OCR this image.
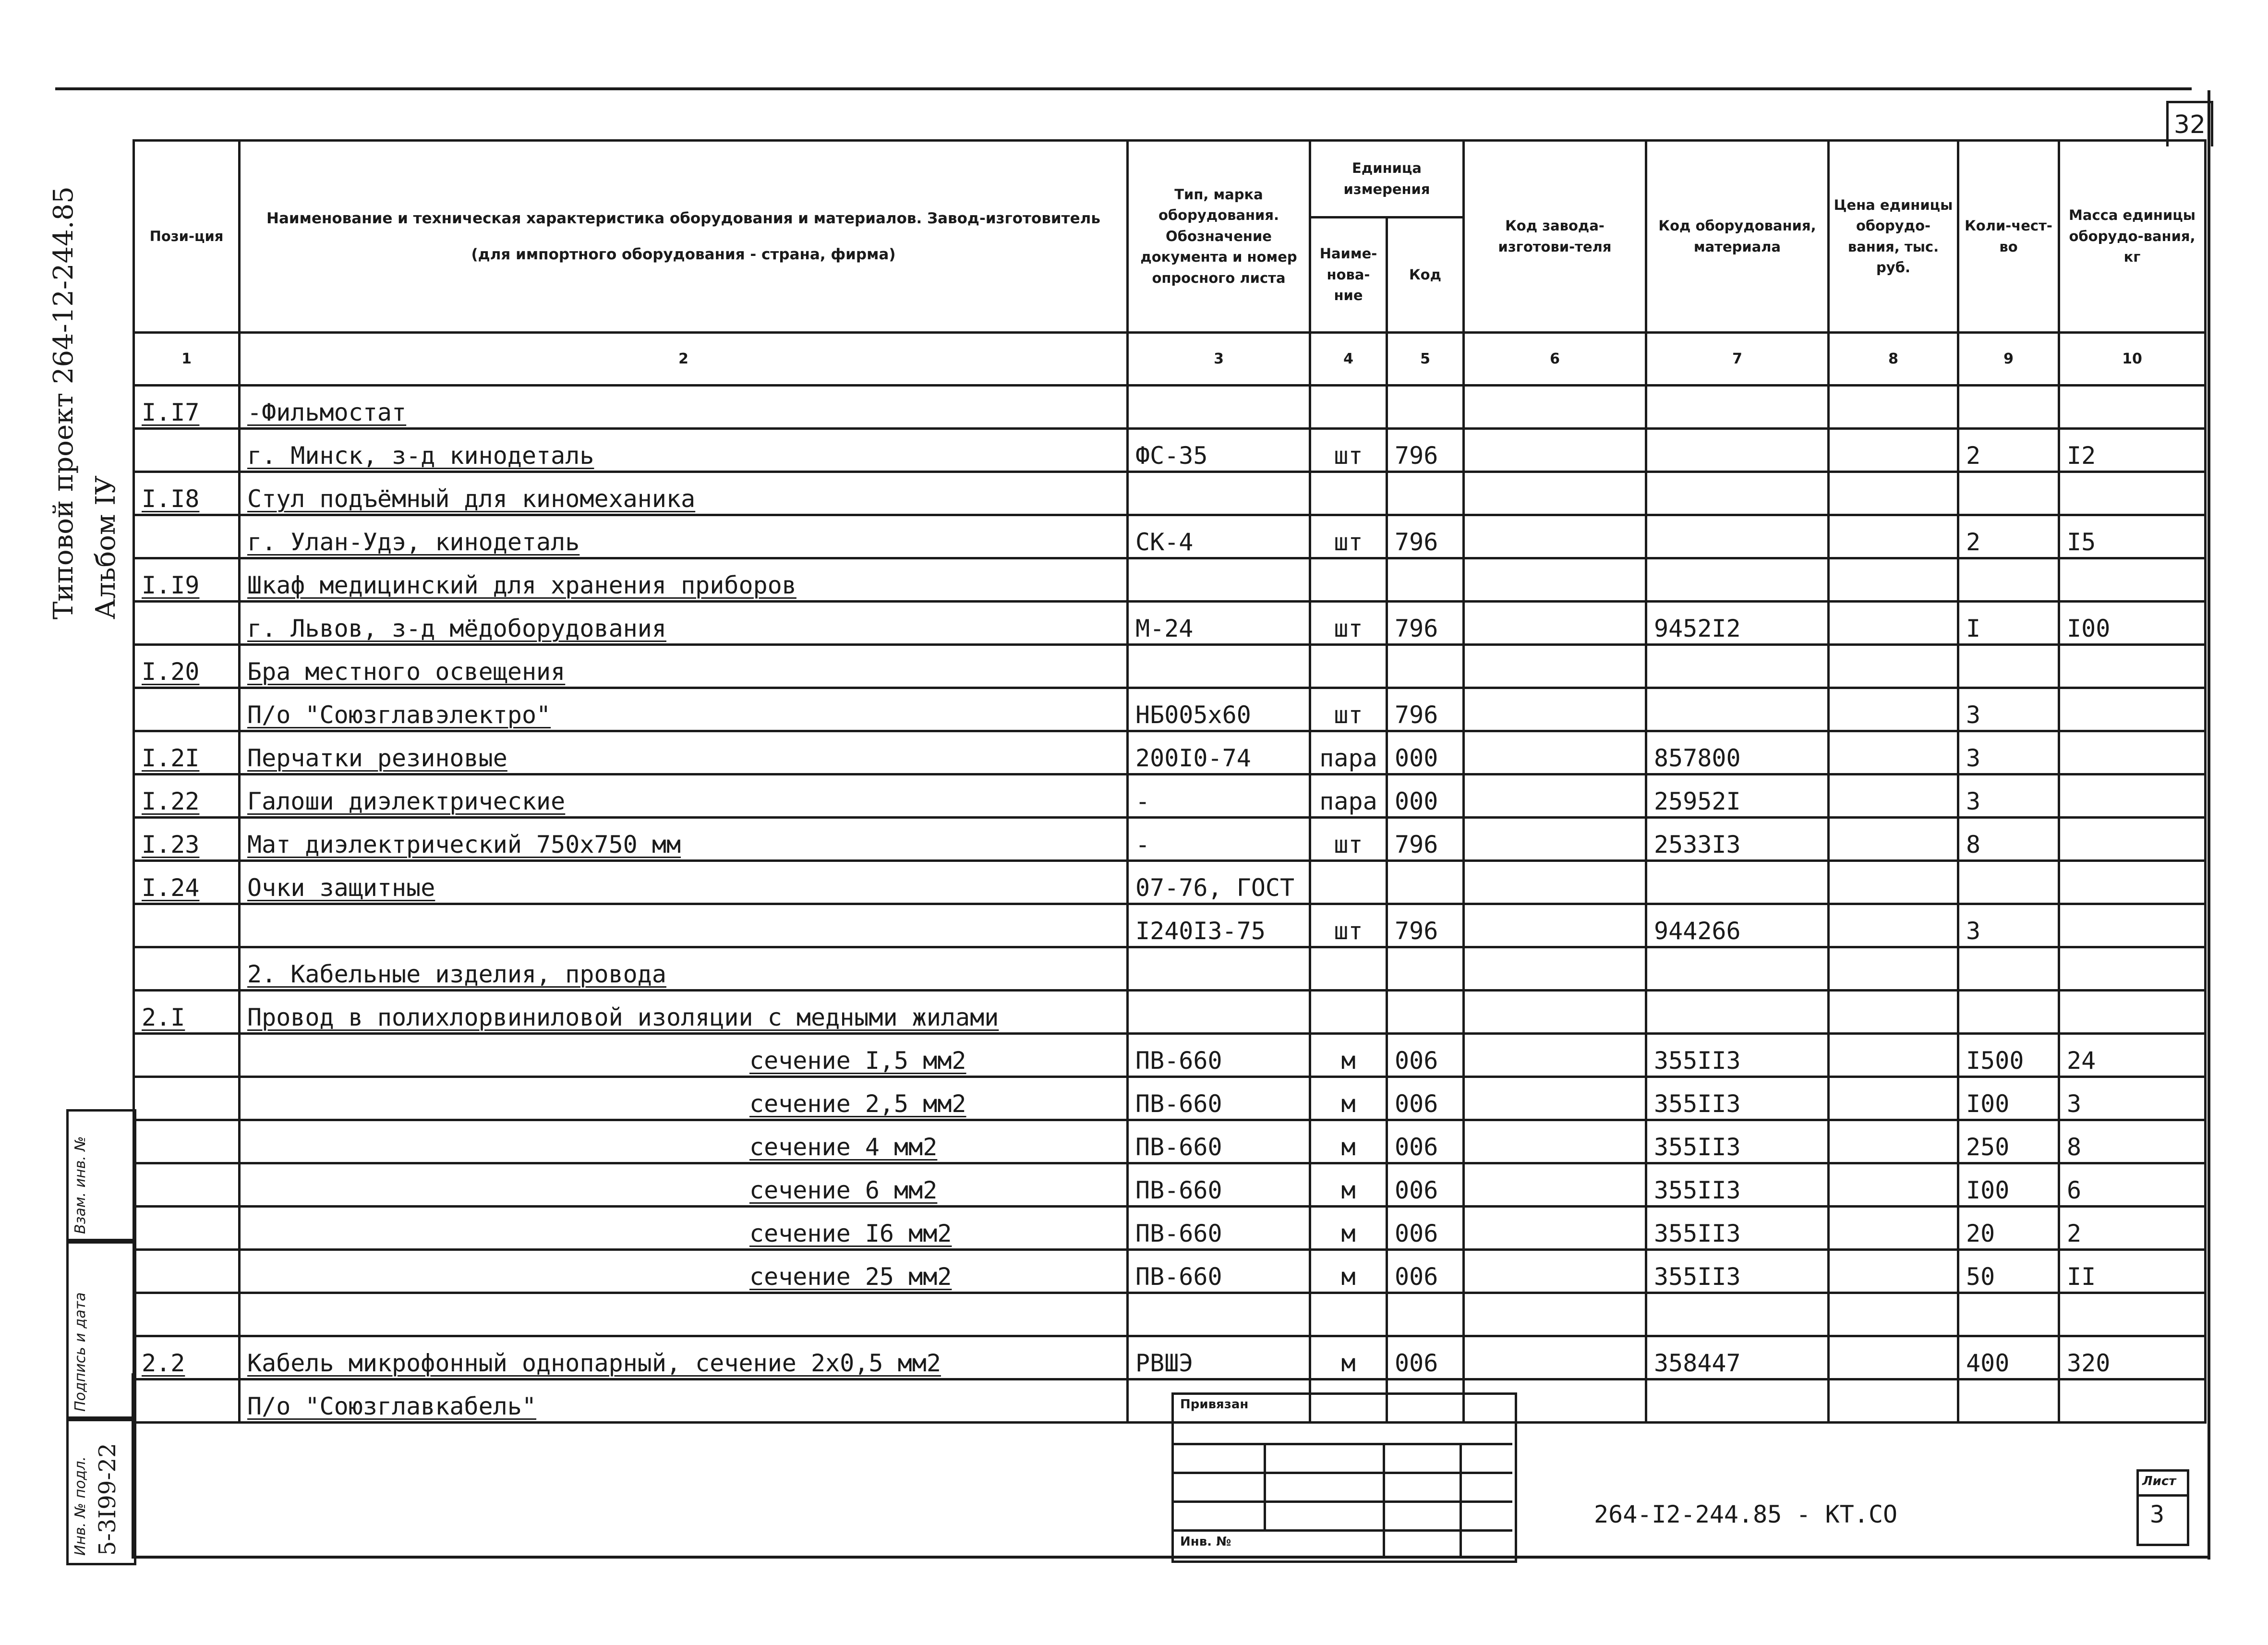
32
Типовой проект 264-12-244.85 Альбом IУ
Взам. инв. №
Подпись и дата
Инв. № подл. 5-3I99-22
Пози-ция	Наименование и техническая характеристика оборудования и материалов. Завод-изготовитель (для импортного оборудования - страна, фирма)	Тип, марка оборудования. Обозначение документа и номер опросного листа	Единица измерения		Код завода-изготови-теля	Код оборудования, материала	Цена единицы оборудо-вания, тыс. руб.	Коли-чест-во	Масса единицы оборудо-вания, кг
			Наиме-нова-ние	Код					
1	2	3	4	5	6	7	8	9	10
I.I7	-Фильмостат								
	г. Минск, з-д кинодеталь	ФС-35	шт	796				2	I2
I.I8	Стул подъёмный для киномеханика								
	г. Улан-Удэ, кинодеталь	СК-4	шт	796				2	I5
I.I9	Шкаф медицинский для хранения приборов								
	г. Львов, з-д мёдоборудования	М-24	шт	796		9452I2		I	I00
I.20	Бра местного освещения								
	П/о "Союзглавэлектро"	НБ005х60	шт	796				3	
I.2I	Перчатки резиновые	200I0-74	пара	000		857800		3	
I.22	Галоши диэлектрические	-	пара	000		25952I		3	
I.23	Мат диэлектрический 750х750 мм	-	шт	796		2533I3		8	
I.24	Очки защитные	07-76, ГОСТ							
		I240I3-75	шт	796		944266		3	
	2. Кабельные изделия, провода								
2.I	Провод в полихлорвиниловой изоляции с медными жилами								
	сечение I,5 мм2	ПВ-660	м	006		355II3		I500	24
	сечение 2,5 мм2	ПВ-660	м	006		355II3		I00	3
	сечение 4 мм2	ПВ-660	м	006		355II3		250	8
	сечение 6 мм2	ПВ-660	м	006		355II3		I00	6
	сечение I6 мм2	ПВ-660	м	006		355II3		20	2
	сечение 25 мм2	ПВ-660	м	006		355II3		50	II

2.2	Кабель микрофонный однопарный, сечение 2х0,5 мм2	РВШЭ	м	006		358447		400	320
	П/о "Союзглавкабель"									Привязан
Инв. №
264-I2-244.85 - КТ.СО
Лист
3
